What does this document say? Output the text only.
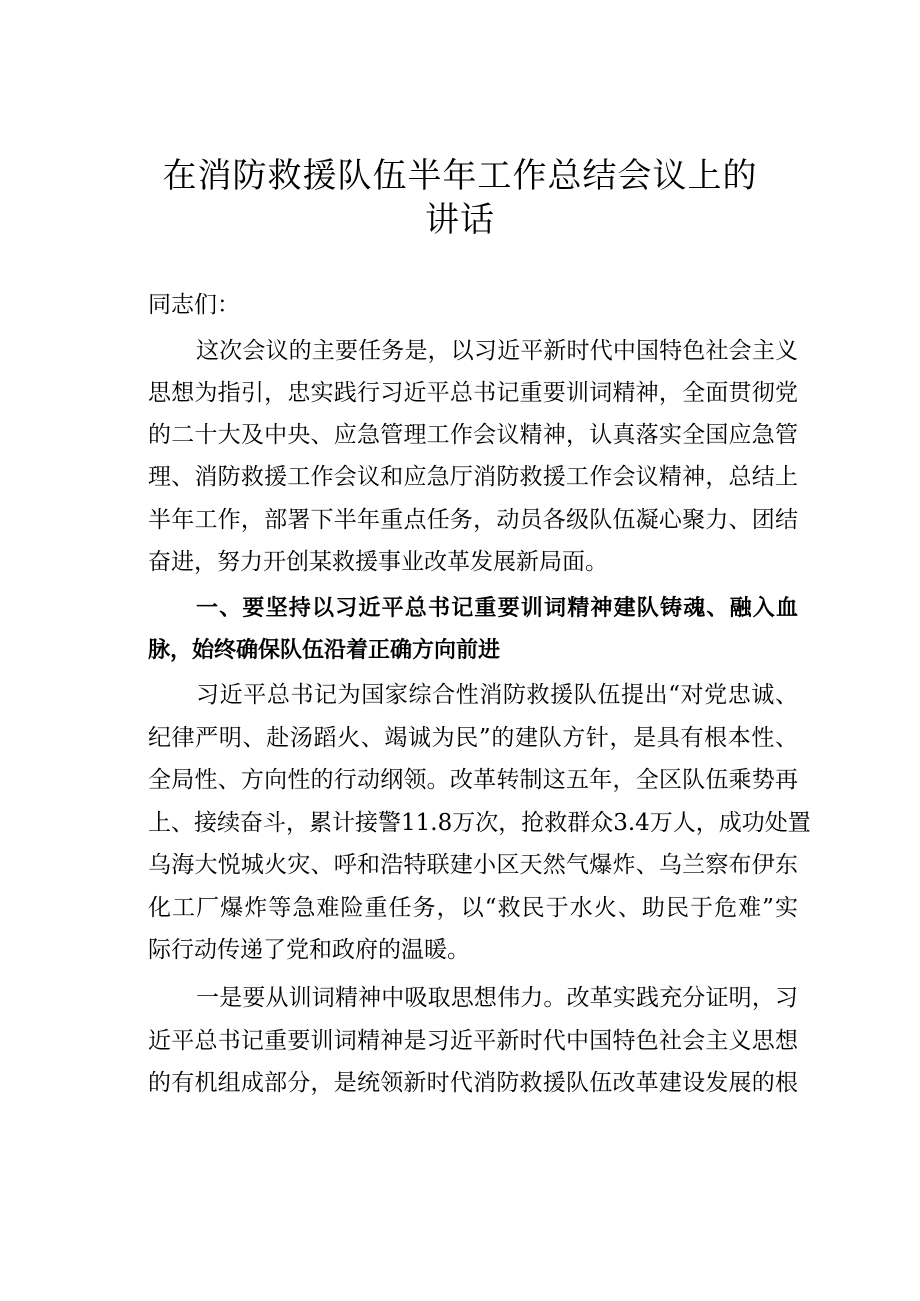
在消防救援队伍半年工作总结会议上的
讲话
同志们：
这次会议的主要任务是，以习近平新时代中国特色社会主义
思想为指引，忠实践行习近平总书记重要训词精神，全面贯彻党
的二十大及中央、应急管理工作会议精神，认真落实全国应急管
理、消防救援工作会议和应急厅消防救援工作会议精神，总结上
半年工作，部署下半年重点任务，动员各级队伍凝心聚力、团结
奋进，努力开创某救援事业改革发展新局面。
一、要坚持以习近平总书记重要训词精神建队铸魂、融入血
脉，始终确保队伍沿着正确方向前进
习近平总书记为国家综合性消防救援队伍提出“对党忠诚、
纪律严明、赴汤蹈火、竭诚为民”的建队方针，是具有根本性、
全局性、方向性的行动纲领。改革转制这五年，全区队伍乘势再
上、接续奋斗，累计接警11.8万次，抢救群众3.4万人，成功处置
乌海大悦城火灾、呼和浩特联建小区天然气爆炸、乌兰察布伊东
化工厂爆炸等急难险重任务，以“救民于水火、助民于危难”实
际行动传递了党和政府的温暖。
一是要从训词精神中吸取思想伟力。改革实践充分证明，习
近平总书记重要训词精神是习近平新时代中国特色社会主义思想
的有机组成部分，是统领新时代消防救援队伍改革建设发展的根
